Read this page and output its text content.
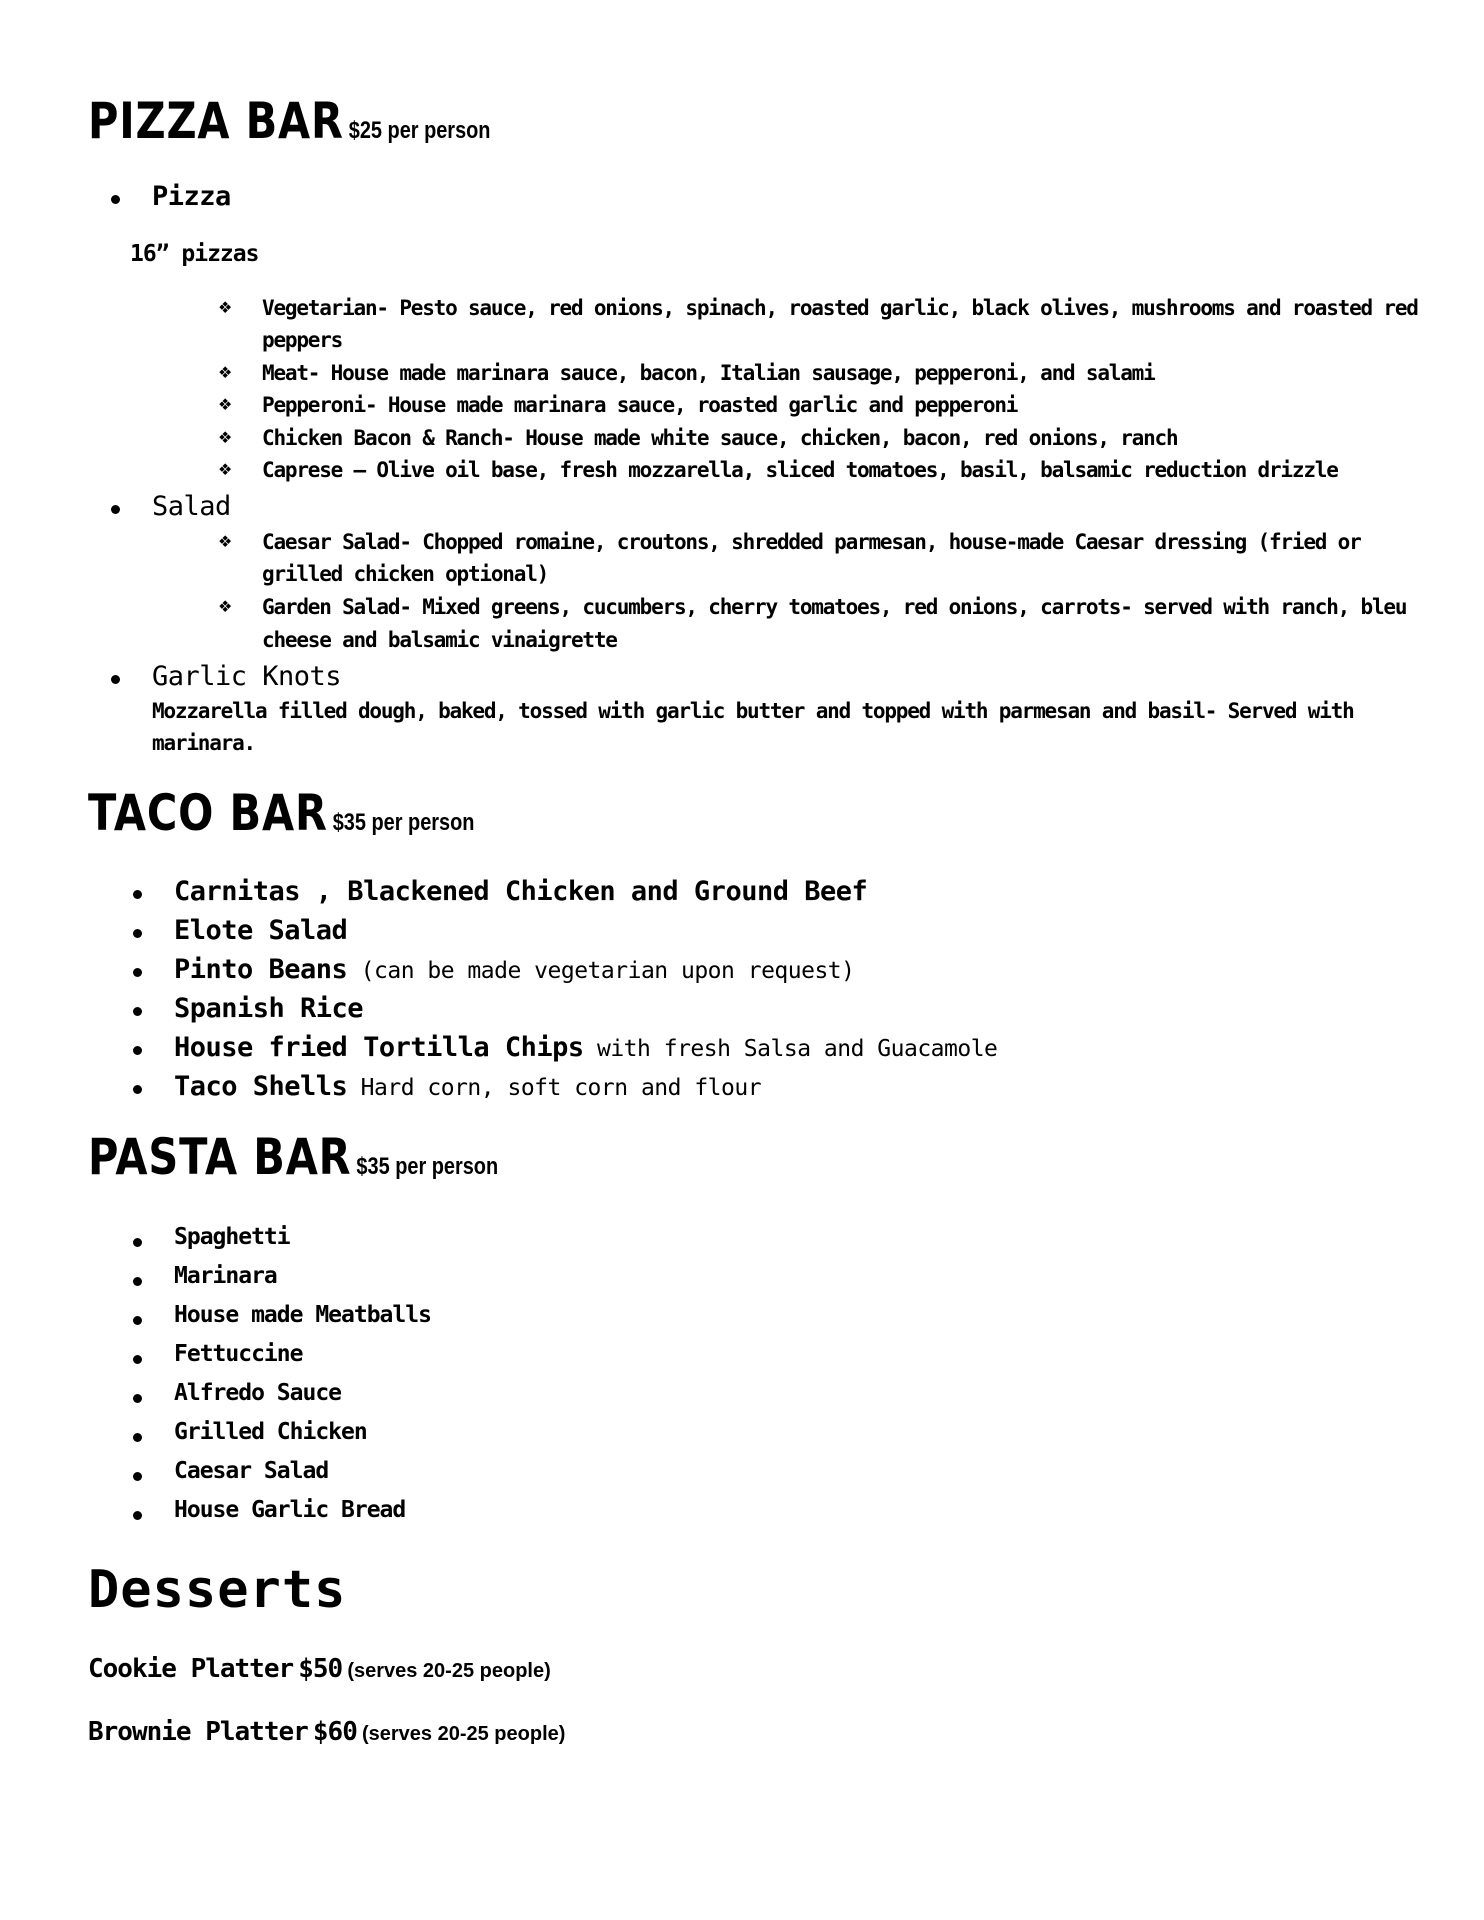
PIZZA BAR $25 per person
Pizza
16” pizzas
❖ Vegetarian- Pesto sauce, red onions, spinach, roasted garlic, black olives, mushrooms and roasted red
peppers
❖ Meat- House made marinara sauce, bacon, Italian sausage, pepperoni, and salami
❖ Pepperoni- House made marinara sauce, roasted garlic and pepperoni
❖ Chicken Bacon & Ranch- House made white sauce, chicken, bacon, red onions, ranch
❖ Caprese – Olive oil base, fresh mozzarella, sliced tomatoes, basil, balsamic reduction drizzle
Salad
❖ Caesar Salad- Chopped romaine, croutons, shredded parmesan, house-made Caesar dressing (fried or
grilled chicken optional)
❖ Garden Salad- Mixed greens, cucumbers, cherry tomatoes, red onions, carrots- served with ranch, bleu
cheese and balsamic vinaigrette
Garlic Knots
Mozzarella filled dough, baked, tossed with garlic butter and topped with parmesan and basil- Served with
marinara.
TACO BAR $35 per person
Carnitas , Blackened Chicken and Ground Beef
Elote Salad
Pinto Beans (can be made vegetarian upon request)
Spanish Rice
House fried Tortilla Chips with fresh Salsa and Guacamole
Taco Shells Hard corn, soft corn and flour
PASTA BAR $35 per person
Spaghetti
Marinara
House made Meatballs
Fettuccine
Alfredo Sauce
Grilled Chicken
Caesar Salad
House Garlic Bread
Desserts
Cookie Platter $50 (serves 20-25 people)
Brownie Platter $60 (serves 20-25 people)
